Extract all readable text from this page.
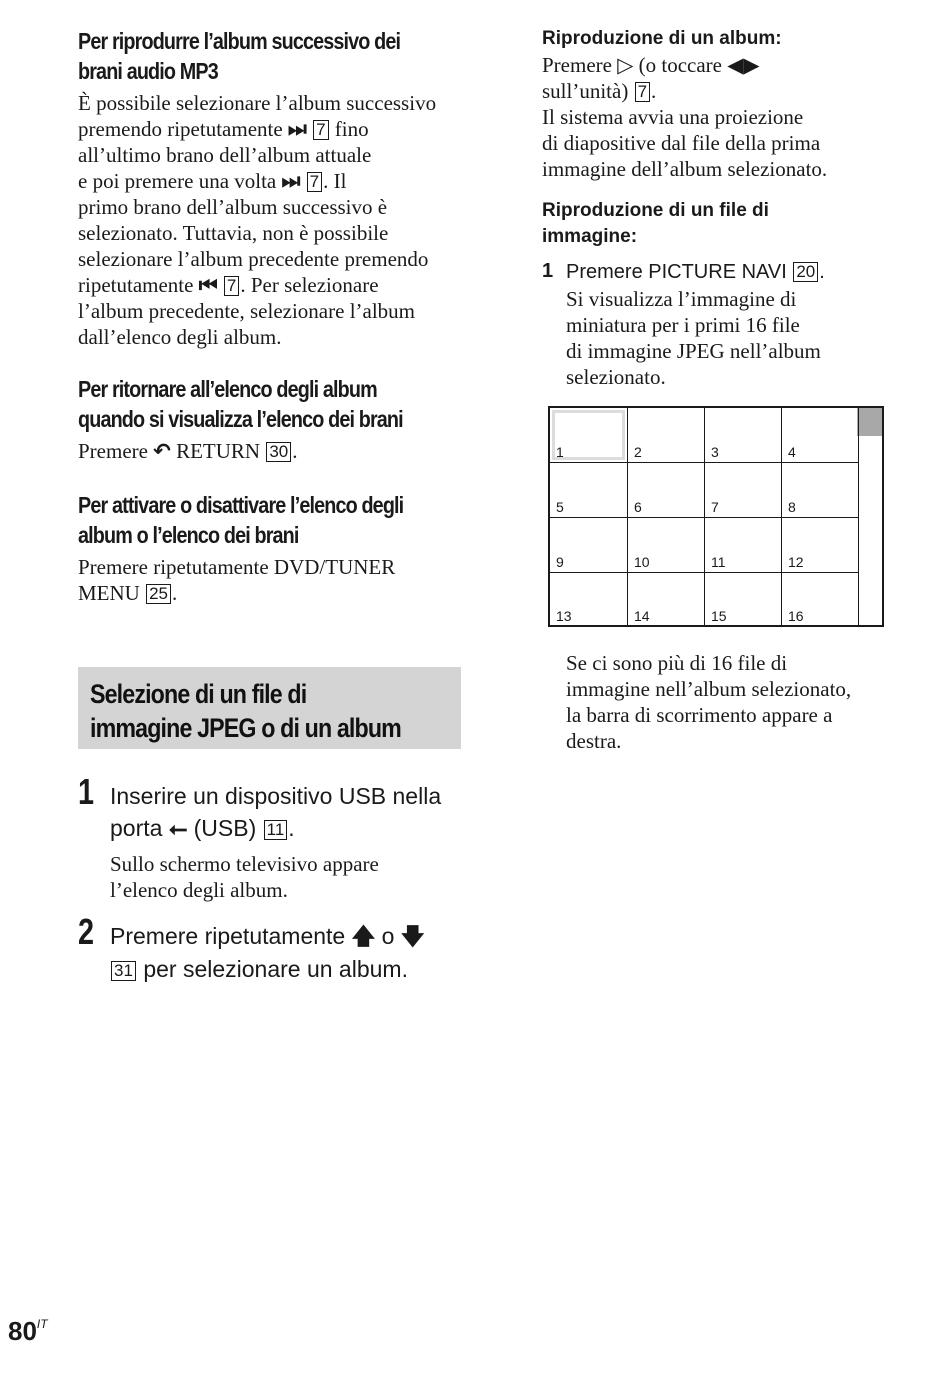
Per riprodurre l’album successivo dei

brani audio MP3

È possibile selezionare l’album successivo

premendo ripetutamente ⏭ 7 fino

all’ultimo brano dell’album attuale

e poi premere una volta ⏭ 7 . Il

primo brano dell’album successivo è

selezionato. Tuttavia, non è possibile

selezionare l’album precedente premendo

ripetutamente ⏮ 7 . Per selezionare

l’album precedente, selezionare l’album

dall’elenco degli album.

Per ritornare all’elenco degli album

quando si visualizza l’elenco dei brani

Premere ↶ RETURN 30 .

Per attivare o disattivare l’elenco degli

album o l’elenco dei brani

Premere ripetutamente DVD/TUNER

MENU 25 .

Selezione di un file di
immagine JPEG o di un album
1 Inserire un dispositivo USB nella

porta ⭠ (USB) 11 .

Sullo schermo televisivo appare

l’elenco degli album.

2 Premere ripetutamente 🡅 o 🡇

31 per selezionare un album.

Riproduzione di un album:

Premere ▷ (o toccare ◀▶

sull’unità) 7 .

Il sistema avvia una proiezione

di diapositive dal file della prima

immagine dell’album selezionato.

Riproduzione di un file di

immagine:

1 Premere PICTURE NAVI 20 .

Si visualizza l’immagine di

miniatura per i primi 16 file

di immagine JPEG nell’album

selezionato.

1	2	3	4
5	6	7	8
9	10	11	12
13	14	15	16

Se ci sono più di 16 file di

immagine nell’album selezionato,

la barra di scorrimento appare a

destra.

$80^{IT}$
